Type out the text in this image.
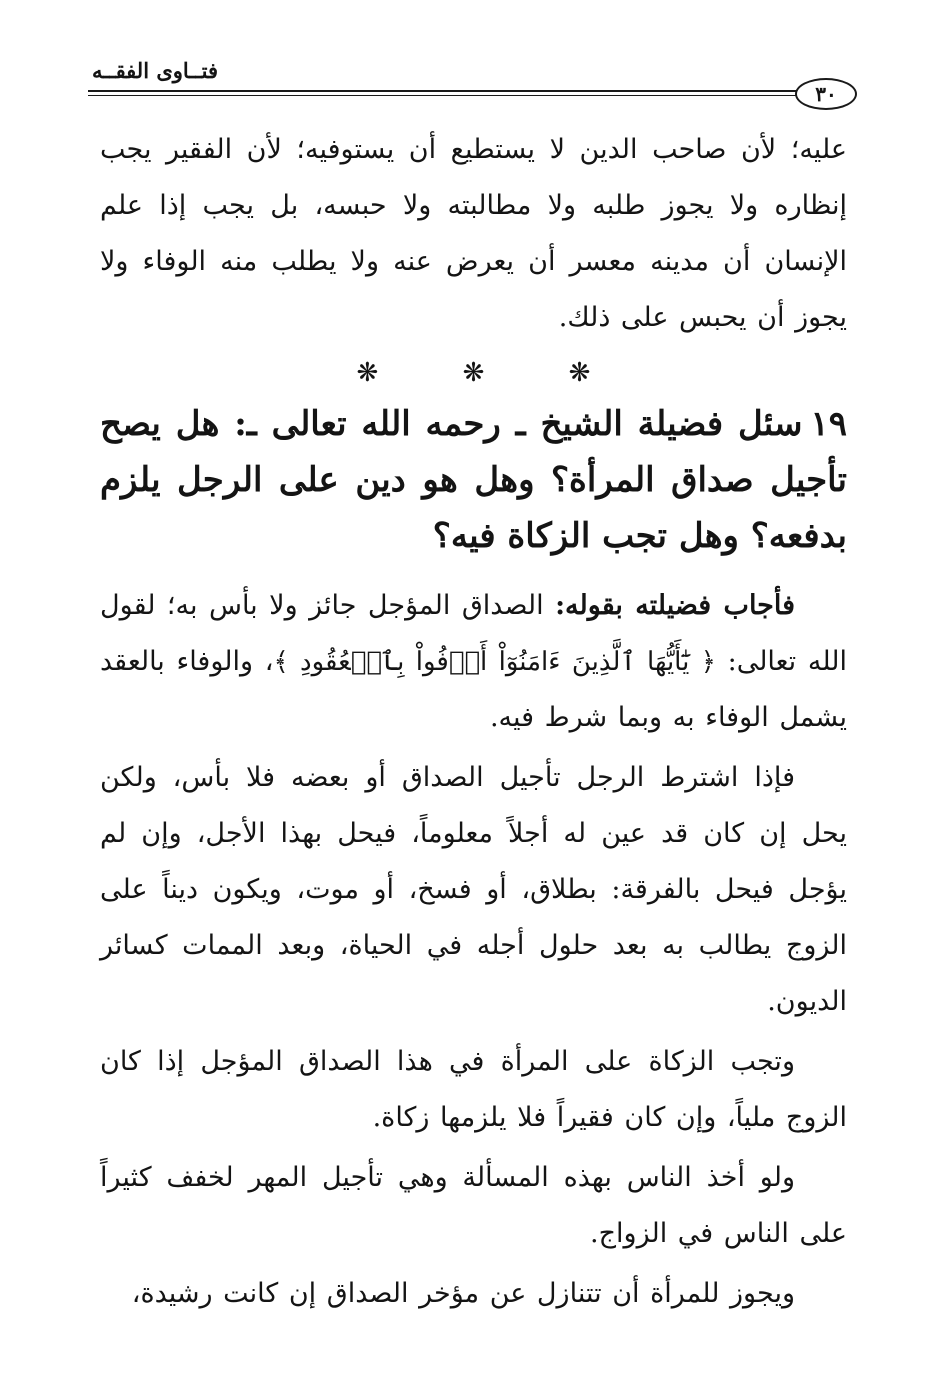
فتــاوى الفقــه
٣٠

عليه؛ لأن صاحب الدين لا يستطيع أن يستوفيه؛ لأن الفقير يجب إنظاره ولا يجوز طلبه ولا مطالبته ولا حبسه، بل يجب إذا علم الإنسان أن مدينه معسر أن يعرض عنه ولا يطلب منه الوفاء ولا يجوز أن يحبس على ذلك.

❋ ❋ ❋

١٩سئل فضيلة الشيخ ـ رحمه الله تعالى ـ: هل يصح تأجيل صداق المرأة؟ وهل هو دين على الرجل يلزم بدفعه؟ وهل تجب الزكاة فيه؟

فأجاب فضيلته بقوله: الصداق المؤجل جائز ولا بأس به؛ لقول الله تعالى: ﴿ يَٰٓأَيُّهَا ٱلَّذِينَ ءَامَنُوٓاْ أَوۡفُواْ بِٱلۡعُقُودِ ﴾، والوفاء بالعقد يشمل الوفاء به وبما شرط فيه.

فإذا اشترط الرجل تأجيل الصداق أو بعضه فلا بأس، ولكن يحل إن كان قد عين له أجلاً معلوماً، فيحل بهذا الأجل، وإن لم يؤجل فيحل بالفرقة: بطلاق، أو فسخ، أو موت، ويكون ديناً على الزوج يطالب به بعد حلول أجله في الحياة، وبعد الممات كسائر الديون.

وتجب الزكاة على المرأة في هذا الصداق المؤجل إذا كان الزوج ملياً، وإن كان فقيراً فلا يلزمها زكاة.

ولو أخذ الناس بهذه المسألة وهي تأجيل المهر لخفف كثيراً على الناس في الزواج.

ويجوز للمرأة أن تتنازل عن مؤخر الصداق إن كانت رشيدة،
